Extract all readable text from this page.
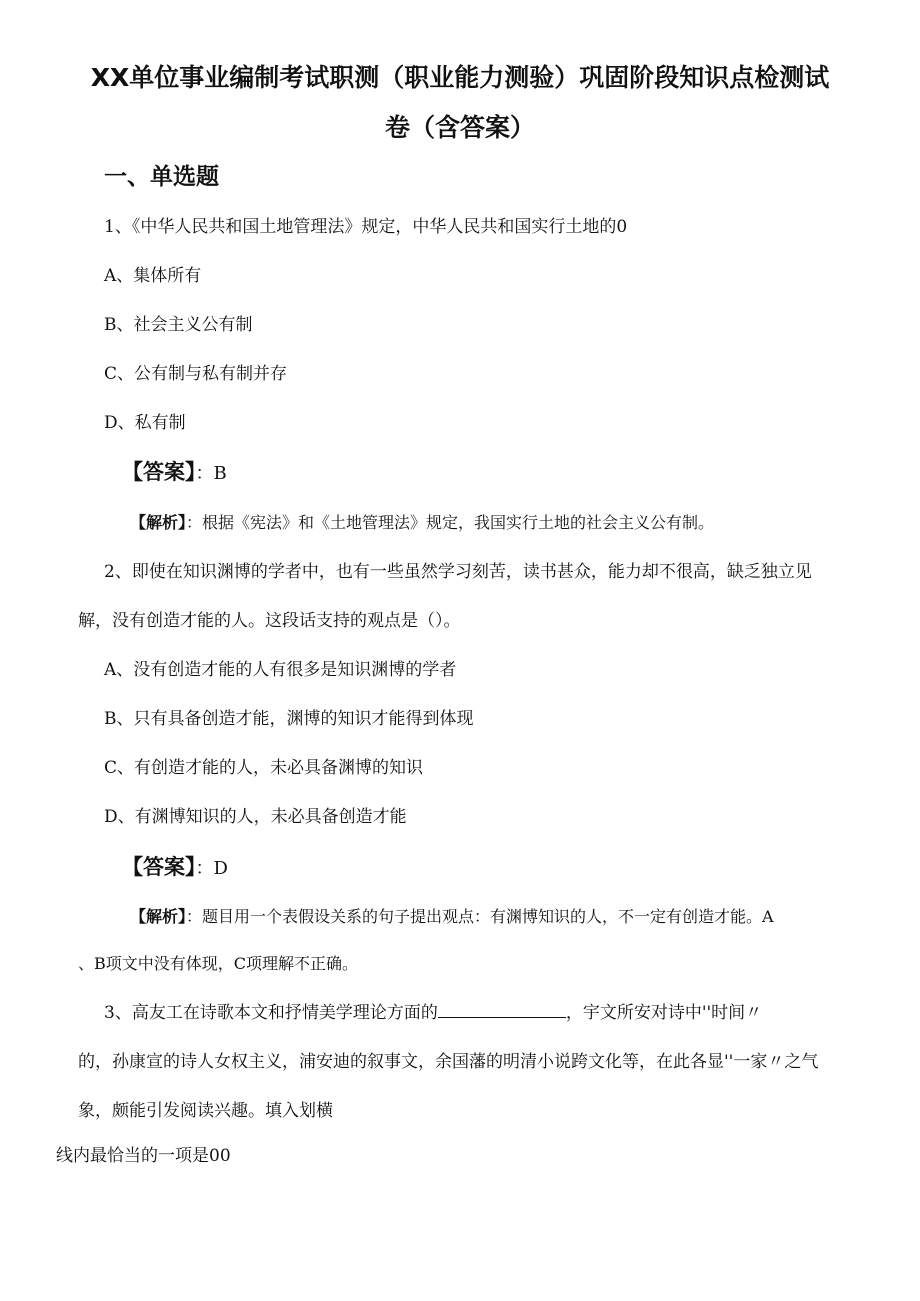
XX单位事业编制考试职测（职业能力测验）巩固阶段知识点检测试
卷（含答案）
一、单选题
1、《中华人民共和国土地管理法》规定，中华人民共和国实行土地的0
A、集体所有
B、社会主义公有制
C、公有制与私有制并存
D、私有制
【答案】：B
【解析】：根据《宪法》和《土地管理法》规定，我国实行土地的社会主义公有制。
2、即使在知识渊博的学者中，也有一些虽然学习刻苦，读书甚众，能力却不很高，缺乏独立见
解，没有创造才能的人。这段话支持的观点是（）。
A、没有创造才能的人有很多是知识渊博的学者
B、只有具备创造才能，渊博的知识才能得到体现
C、有创造才能的人，未必具备渊博的知识
D、有渊博知识的人，未必具备创造才能
【答案】：D
【解析】：题目用一个表假设关系的句子提出观点：有渊博知识的人，不一定有创造才能。A
、B项文中没有体现，C项理解不正确。
3、高友工在诗歌本文和抒情美学理论方面的	，宇文所安对诗中''时间〃
的，孙康宣的诗人女权主义，浦安迪的叙事文，余国藩的明清小说跨文化等，在此各显''一家〃之气
象，颇能引发阅读兴趣。填入划横
线内最恰当的一项是00
